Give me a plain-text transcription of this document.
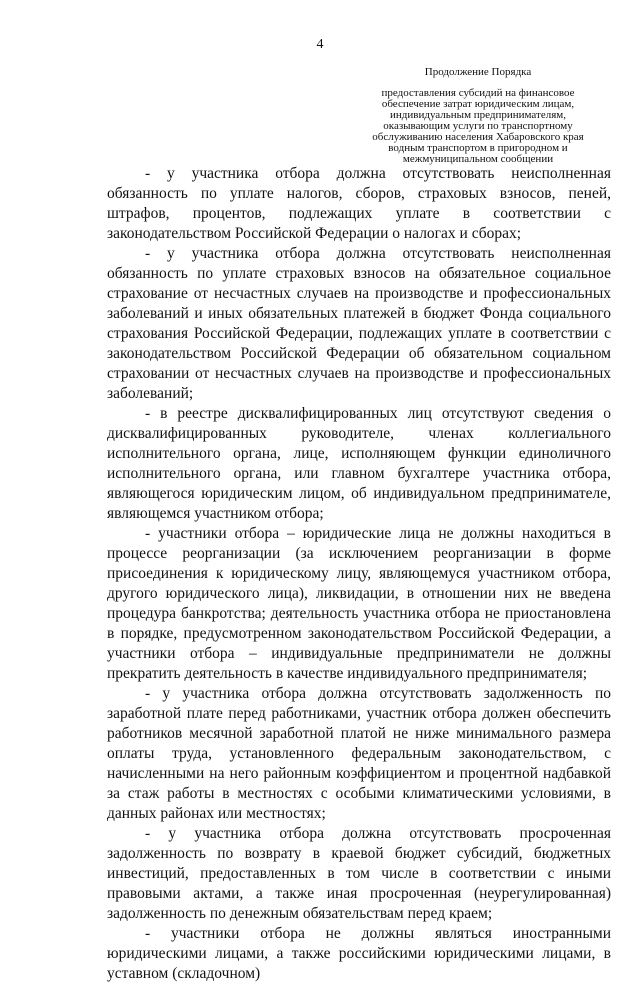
4
Продолжение Порядка
предоставления субсидий на финансовое
обеспечение затрат юридическим лицам,
индивидуальным предпринимателям,
оказывающим услуги по транспортному
обслуживанию населения Хабаровского края
водным транспортом в пригородном и
межмуниципальном сообщении

- у участника отбора должна отсутствовать неисполненная обязанность по уплате налогов, сборов, страховых взносов, пеней, штрафов, процентов, подлежащих уплате в соответствии с законодательством Российской Федерации о налогах и сборах;

- у участника отбора должна отсутствовать неисполненная обязанность по уплате страховых взносов на обязательное социальное страхование от несчастных случаев на производстве и профессиональных заболеваний и иных обязательных платежей в бюджет Фонда социального страхования Российской Федерации, подлежащих уплате в соответствии с законодательством Российской Федерации об обязательном социальном страховании от несчастных случаев на производстве и профессиональных заболеваний;

- в реестре дисквалифицированных лиц отсутствуют сведения о дисквалифицированных руководителе, членах коллегиального исполнительного органа, лице, исполняющем функции единоличного исполнительного органа, или главном бухгалтере участника отбора, являющегося юридическим лицом, об индивидуальном предпринимателе, являющемся участником отбора;

- участники отбора – юридические лица не должны находиться в процессе реорганизации (за исключением реорганизации в форме присоединения к юридическому лицу, являющемуся участником отбора, другого юридического лица), ликвидации, в отношении них не введена процедура банкротства; деятельность участника отбора не приостановлена в порядке, предусмотренном законодательством Российской Федерации, а участники отбора – индивидуальные предприниматели не должны прекратить деятельность в качестве индивидуального предпринимателя;

- у участника отбора должна отсутствовать задолженность по заработной плате перед работниками, участник отбора должен обеспечить работников месячной заработной платой не ниже минимального размера оплаты труда, установленного федеральным законодательством, с начисленными на него районным коэффициентом и процентной надбавкой за стаж работы в местностях с особыми климатическими условиями, в данных районах или местностях;

- у участника отбора должна отсутствовать просроченная задолженность по возврату в краевой бюджет субсидий, бюджетных инвестиций, предоставленных в том числе в соответствии с иными правовыми актами, а также иная просроченная (неурегулированная) задолженность по денежным обязательствам перед краем;

- участники отбора не должны являться иностранными юридическими лицами, а также российскими юридическими лицами, в уставном (складочном)
